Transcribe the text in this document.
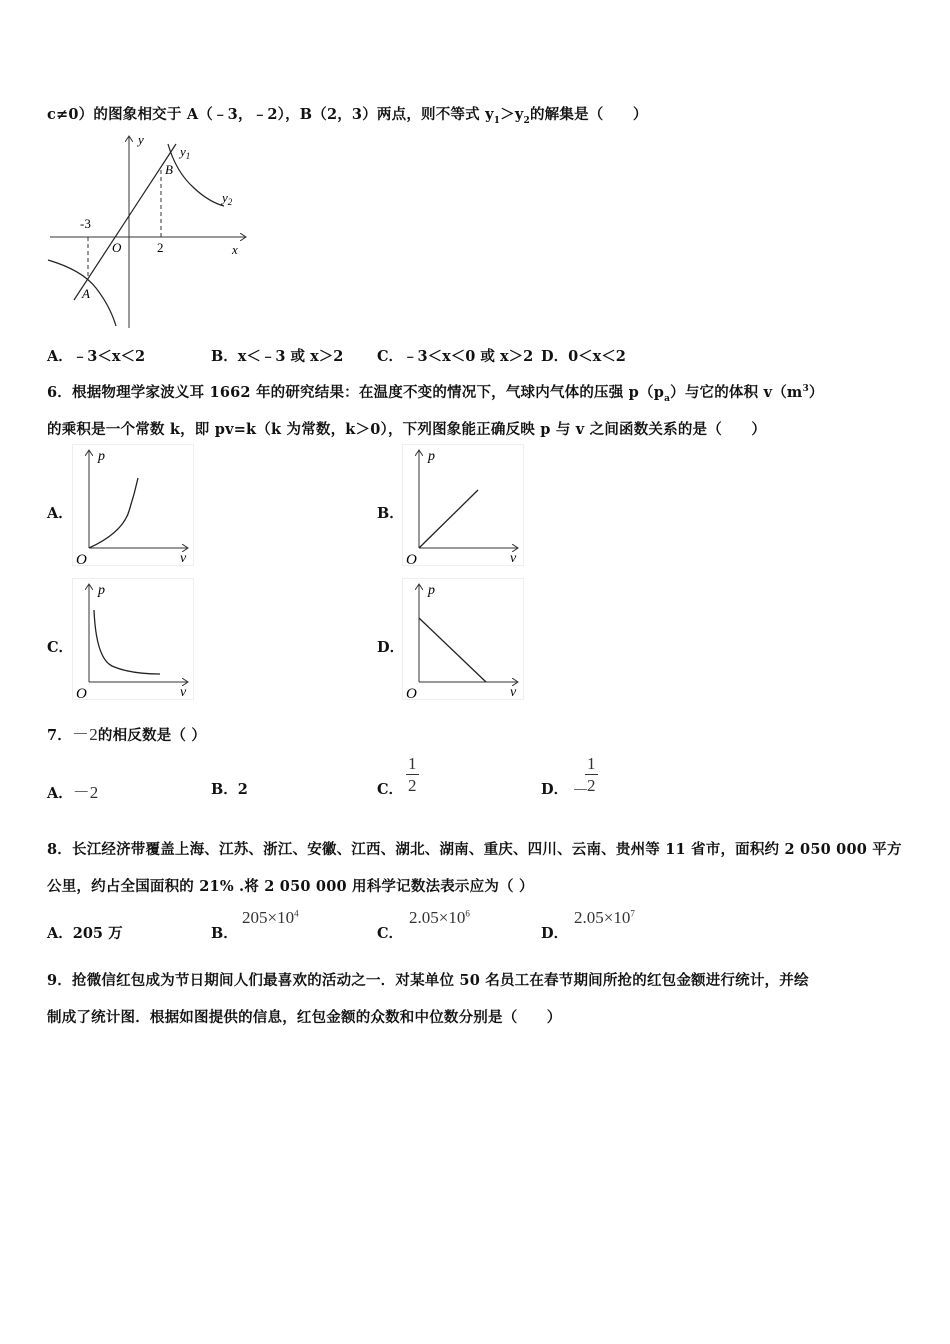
c≠0）的图象相交于 A（﹣3，﹣2），B（2，3）两点，则不等式 $y_1>y_2$的解集是（　　）
y
x
O
-3
2
A
B
$y_1$
$y_2$
A．﹣3＜x＜2	B．x＜﹣3 或 x＞2 C．﹣3＜x＜0 或 x＞2 D．0＜x＜2
6．根据物理学家波义耳 1662 年的研究结果：在温度不变的情况下，气球内气体的压强 $p(p_a)$与它的体积 $v(m^3)$
的乘积是一个常数 k，即 pv=k（k 为常数，k＞0），下列图象能正确反映 p 与 v 之间函数关系的是（　　）
A．	B．
C．	D．
p
v
O
p
v
O
p
v
O
p
v
O
7．－2的相反数是（ ）
A．－2	B．2	C． $\frac{1}{2}$	D． －
$\frac{1}{2}$
8．长江经济带覆盖上海、江苏、浙江、安徽、江西、湖北、湖南、重庆、四川、云南、贵州等 11 省市，面积约 2 050 000 平方
公里，约占全国面积的 21% .将 2 050 000 用科学记数法表示应为（ ）
A．205 万	B．
$205\times 10^4$
C．
$2.05\times 10^6$
D．
$2.05\times 10^7$
9．抢微信红包成为节日期间人们最喜欢的活动之一．对某单位 50 名员工在春节期间所抢的红包金额进行统计，并绘
制成了统计图．根据如图提供的信息，红包金额的众数和中位数分别是（　　）
